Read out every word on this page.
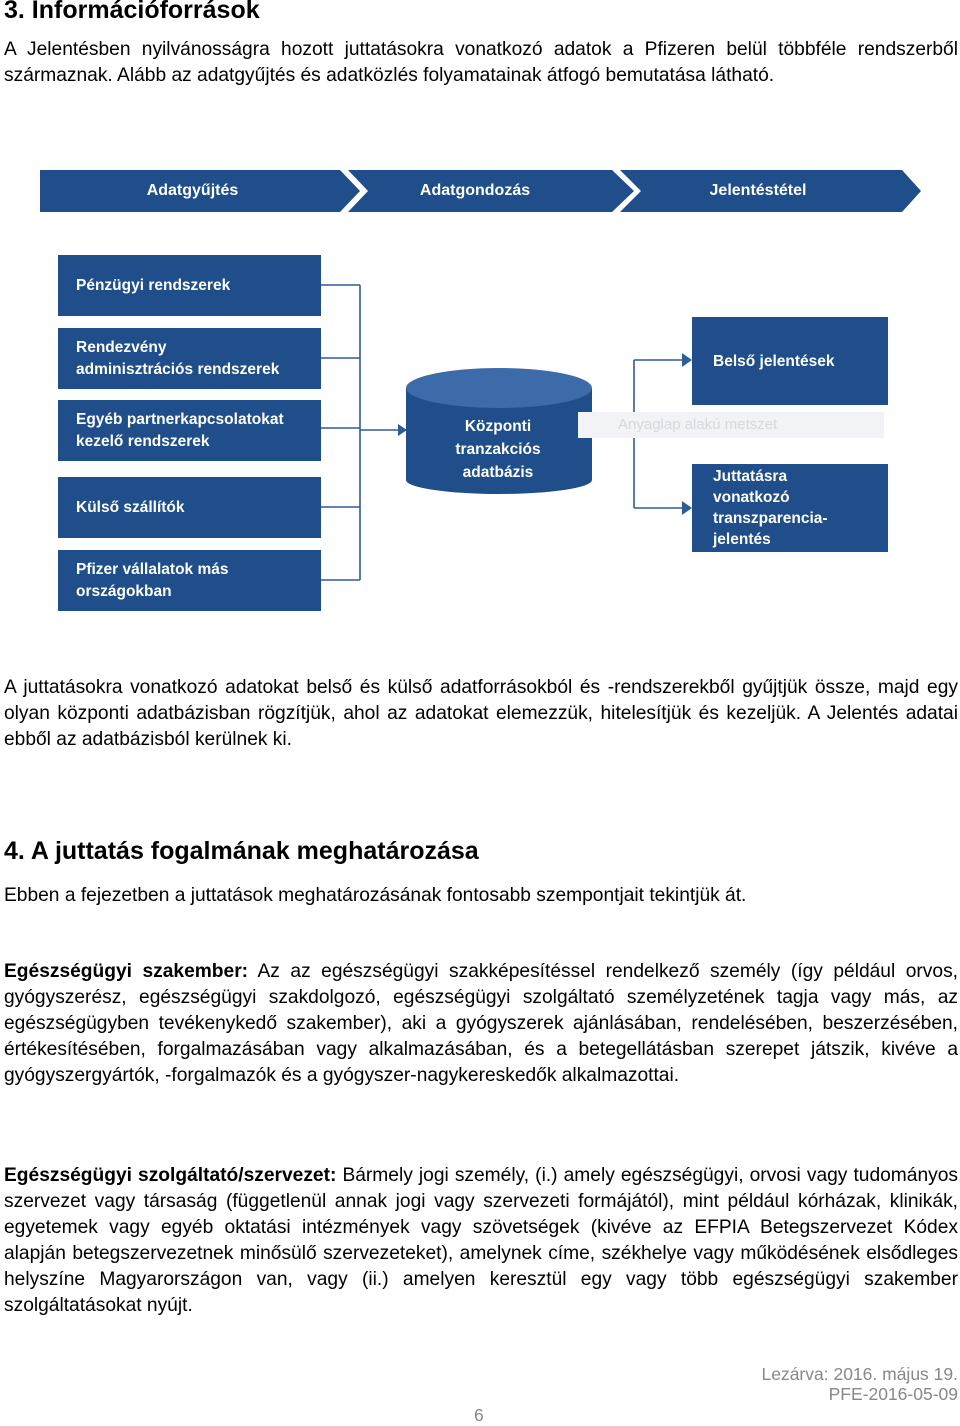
3. Információforrások

A Jelentésben nyilvánosságra hozott juttatásokra vonatkozó adatok a Pfizeren belül többféle rendszerből származnak. Alább az adatgyűjtés és adatközlés folyamatainak átfogó bemutatása látható.

Adatgyűjtés	Adatgondozás	Jelentéstétel
Pénzügyi rendszerek
Rendezvény
adminisztrációs rendszerek
Egyéb partnerkapcsolatokat
kezelő rendszerek
Külső szállítók
Pfizer vállalatok más
országokban
Központi
tranzakciós
adatbázis
Anyaglap alakú metszet
Belső jelentések
Juttatásra vonatkozó
transzparencia-
jelentés

A juttatásokra vonatkozó adatokat belső és külső adatforrásokból és -rendszerekből gyűjtjük össze, majd egy olyan központi adatbázisban rögzítjük, ahol az adatokat elemezzük, hitelesítjük és kezeljük. A Jelentés adatai ebből az adatbázisból kerülnek ki.

4. A juttatás fogalmának meghatározása

Ebben a fejezetben a juttatások meghatározásának fontosabb szempontjait tekintjük át.

Egészségügyi szakember: Az az egészségügyi szakképesítéssel rendelkező személy (így például orvos, gyógyszerész, egészségügyi szakdolgozó, egészségügyi szolgáltató személyzetének tagja vagy más, az egészségügyben tevékenykedő szakember), aki a gyógyszerek ajánlásában, rendelésében, beszerzésében, értékesítésében, forgalmazásában vagy alkalmazásában, és a betegellátásban szerepet játszik, kivéve a gyógyszergyártók, -forgalmazók és a gyógyszer-nagykereskedők alkalmazottai.

Egészségügyi szolgáltató/szervezet: Bármely jogi személy, (i.) amely egészségügyi, orvosi vagy tudományos szervezet vagy társaság (függetlenül annak jogi vagy szervezeti formájától), mint például kórházak, klinikák, egyetemek vagy egyéb oktatási intézmények vagy szövetségek (kivéve az EFPIA Betegszervezet Kódex alapján betegszervezetnek minősülő szervezeteket), amelynek címe, székhelye vagy működésének elsődleges helyszíne Magyarországon van, vagy (ii.) amelyen keresztül egy vagy több egészségügyi szakember szolgáltatásokat nyújt.

Lezárva: 2016. május 19.
PFE-2016-05-09
6
